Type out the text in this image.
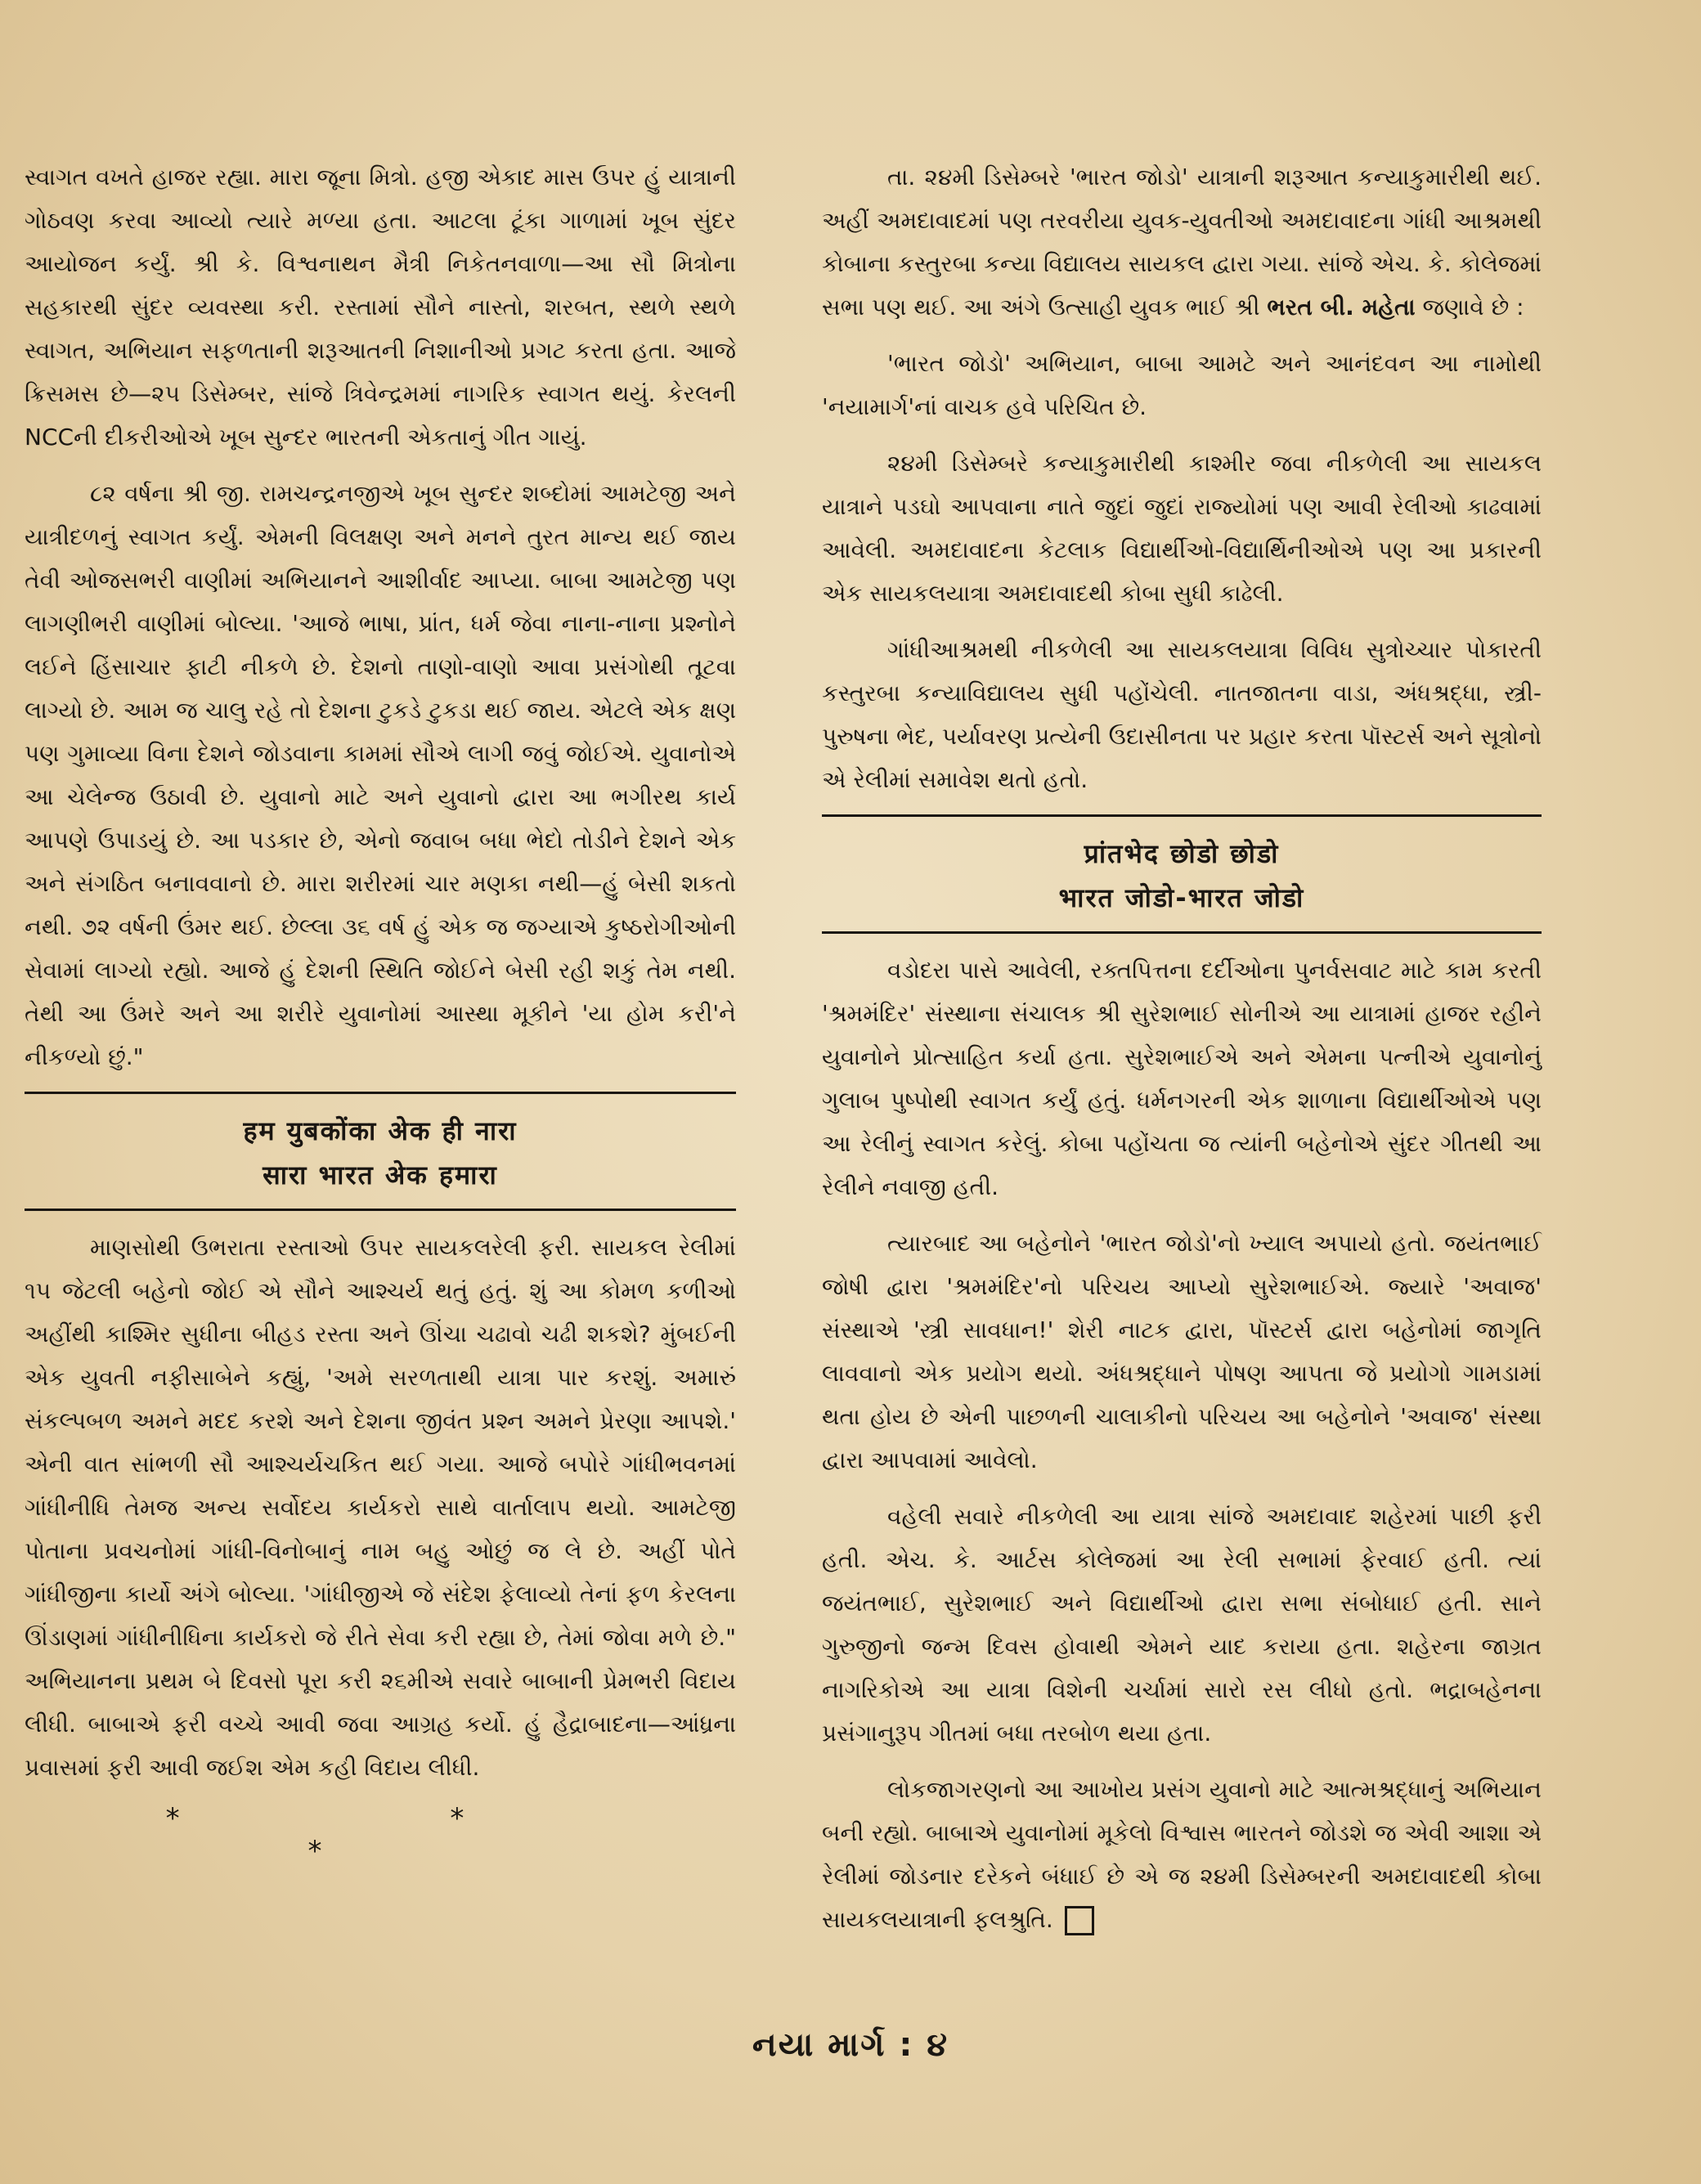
સ્વાગત વખતે હાજર રહ્યા. મારા જૂના મિત્રો. હજી એકાદ માસ ઉપર હું યાત્રાની ગોઠવણ કરવા આવ્યો ત્યારે મળ્યા હતા. આટલા ટૂંકા ગાળામાં ખૂબ સુંદર આયોજન કર્યું. શ્રી કે. વિશ્વનાથન મૈત્રી નિકેતનવાળા—આ સૌ મિત્રોના સહકારથી સુંદર વ્યવસ્થા કરી. રસ્તામાં સૌને નાસ્તો, શરબત, સ્થળે સ્થળે સ્વાગત, અભિયાન સફળતાની શરૂઆતની નિશાનીઓ પ્રગટ કરતા હતા. આજે ક્રિસમસ છે—૨૫ ડિસેમ્બર, સાંજે ત્રિવેન્દ્રમમાં નાગરિક સ્વાગત થયું. કેરલની NCCની દીકરીઓએ ખૂબ સુન્દર ભારતની એકતાનું ગીત ગાયું.

૮૨ વર્ષના શ્રી જી. રામચન્દ્રનજીએ ખૂબ સુન્દર શબ્દોમાં આમટેજી અને યાત્રીદળનું સ્વાગત કર્યું. એમની વિલક્ષણ અને મનને તુરત માન્ય થઈ જાય તેવી ઓજસભરી વાણીમાં અભિયાનને આશીર્વાદ આપ્યા. બાબા આમટેજી પણ લાગણીભરી વાણીમાં બોલ્યા. 'આજે ભાષા, પ્રાંત, ધર્મ જેવા નાના-નાના પ્રશ્નોને લઈને હિંસાચાર ફાટી નીકળે છે. દેશનો તાણો-વાણો આવા પ્રસંગોથી તૂટવા લાગ્યો છે. આમ જ ચાલુ રહે તો દેશના ટુકડે ટુકડા થઈ જાય. એટલે એક ક્ષણ પણ ગુમાવ્યા વિના દેશને જોડવાના કામમાં સૌએ લાગી જવું જોઈએ. યુવાનોએ આ ચેલેન્જ ઉઠાવી છે. યુવાનો માટે અને યુવાનો દ્વારા આ ભગીરથ કાર્ય આપણે ઉપાડયું છે. આ પડકાર છે, એનો જવાબ બધા ભેદો તોડીને દેશને એક અને સંગઠિત બનાવવાનો છે. મારા શરીરમાં ચાર મણકા નથી—હું બેસી શકતો નથી. ૭૨ વર્ષની ઉંમર થઈ. છેલ્લા ૩૬ વર્ષ હું એક જ જગ્યાએ કુષ્ઠરોગીઓની સેવામાં લાગ્યો રહ્યો. આજે હું દેશની સ્થિતિ જોઈને બેસી રહી શકું તેમ નથી. તેથી આ ઉંમરે અને આ શરીરે યુવાનોમાં આસ્થા મૂકીને 'યા હોમ કરી'ને નીકળ્યો છું."

हम युबकोंका अेक ही नारा
सारा भारत अेक हमारा

માણસોથી ઉભરાતા રસ્તાઓ ઉપર સાયકલરેલી ફરી. સાયકલ રેલીમાં ૧૫ જેટલી બહેનો જોઈ એ સૌને આશ્ચર્ય થતું હતું. શું આ કોમળ કળીઓ અહીંથી કાશ્મિર સુધીના બીહડ રસ્તા અને ઊંચા ચઢાવો ચઢી શકશે? મુંબઈની એક યુવતી નફીસાબેને કહ્યું, 'અમે સરળતાથી યાત્રા પાર કરશું. અમારું સંકલ્પબળ અમને મદદ કરશે અને દેશના જીવંત પ્રશ્ન અમને પ્રેરણા આપશે.' એની વાત સાંભળી સૌ આશ્ચર્યચકિત થઈ ગયા. આજે બપોરે ગાંધીભવનમાં ગાંધીનીધિ તેમજ અન્ય સર્વોદય કાર્યકરો સાથે વાર્તાલાપ થયો. આમટેજી પોતાના પ્રવચનોમાં ગાંધી-વિનોબાનું નામ બહુ ઓછું જ લે છે. અહીં પોતે ગાંધીજીના કાર્યો અંગે બોલ્યા. 'ગાંધીજીએ જે સંદેશ ફેલાવ્યો તેનાં ફળ કેરલના ઊંડાણમાં ગાંધીનીધિના કાર્યકરો જે રીતે સેવા કરી રહ્યા છે, તેમાં જોવા મળે છે." અભિયાનના પ્રથમ બે દિવસો પૂરા કરી ૨૬મીએ સવારે બાબાની પ્રેમભરી વિદાય લીધી. બાબાએ ફરી વચ્ચે આવી જવા આગ્રહ કર્યો. હું હૈદ્રાબાદના—આંધ્રના પ્રવાસમાં ફરી આવી જઈશ એમ કહી વિદાય લીધી.

* * *

તા. ૨૪મી ડિસેમ્બરે 'ભારત જોડો' યાત્રાની શરૂઆત કન્યાકુમારીથી થઈ. અહીં અમદાવાદમાં પણ તરવરીયા યુવક-યુવતીઓ અમદાવાદના ગાંધી આશ્રમથી કોબાના કસ્તુરબા કન્યા વિદ્યાલય સાયકલ દ્વારા ગયા. સાંજે એચ. કે. કોલેજમાં સભા પણ થઈ. આ અંગે ઉત્સાહી યુવક ભાઈ શ્રી ભરત બી. મહેતા જણાવે છે :

'ભારત જોડો' અભિયાન, બાબા આમટે અને આનંદવન આ નામોથી 'નયામાર્ગ'નાં વાચક હવે પરિચિત છે.

૨૪મી ડિસેમ્બરે કન્યાકુમારીથી કાશ્મીર જવા નીકળેલી આ સાયકલ યાત્રાને પડઘો આપવાના નાતે જુદાં જુદાં રાજ્યોમાં પણ આવી રેલીઓ કાઢવામાં આવેલી. અમદાવાદના કેટલાક વિદ્યાર્થીઓ-વિદ્યાર્થિનીઓએ પણ આ પ્રકારની એક સાયકલયાત્રા અમદાવાદથી કોબા સુધી કાઢેલી.

ગાંધીઆશ્રમથી નીકળેલી આ સાયકલયાત્રા વિવિધ સુત્રોચ્ચાર પોકારતી કસ્તુરબા કન્યાવિદ્યાલય સુધી પહોંચેલી. નાતજાતના વાડા, અંધશ્રદ્ધા, સ્ત્રી-પુરુષના ભેદ, પર્યાવરણ પ્રત્યેની ઉદાસીનતા પર પ્રહાર કરતા પૉસ્ટર્સ અને સૂત્રોનો એ રેલીમાં સમાવેશ થતો હતો.

प्रांतभेद छोडो छोडो
भारत जोडो-भारत जोडो

વડોદરા પાસે આવેલી, રક્તપિત્તના દર્દીઓના પુનર્વસવાટ માટે કામ કરતી 'શ્રમમંદિર' સંસ્થાના સંચાલક શ્રી સુરેશભાઈ સોનીએ આ યાત્રામાં હાજર રહીને યુવાનોને પ્રોત્સાહિત કર્યા હતા. સુરેશભાઈએ અને એમના પત્નીએ યુવાનોનું ગુલાબ પુષ્પોથી સ્વાગત કર્યું હતું. ધર્મનગરની એક શાળાના વિદ્યાર્થીઓએ પણ આ રેલીનું સ્વાગત કરેલું. કોબા પહોંચતા જ ત્યાંની બહેનોએ સુંદર ગીતથી આ રેલીને નવાજી હતી.

ત્યારબાદ આ બહેનોને 'ભારત જોડો'નો ખ્યાલ અપાયો હતો. જયંતભાઈ જોષી દ્વારા 'શ્રમમંદિર'નો પરિચય આપ્યો સુરેશભાઈએ. જ્યારે 'અવાજ' સંસ્થાએ 'સ્ત્રી સાવધાન!' શેરી નાટક દ્વારા, પૉસ્ટર્સ દ્વારા બહેનોમાં જાગૃતિ લાવવાનો એક પ્રયોગ થયો. અંધશ્રદ્ધાને પોષણ આપતા જે પ્રયોગો ગામડામાં થતા હોય છે એની પાછળની ચાલાકીનો પરિચય આ બહેનોને 'અવાજ' સંસ્થા દ્વારા આપવામાં આવેલો.

વહેલી સવારે નીકળેલી આ યાત્રા સાંજે અમદાવાદ શહેરમાં પાછી ફરી હતી. એચ. કે. આર્ટસ કોલેજમાં આ રેલી સભામાં ફેરવાઈ હતી. ત્યાં જયંતભાઈ, સુરેશભાઈ અને વિદ્યાર્થીઓ દ્વારા સભા સંબોધાઈ હતી. સાને ગુરુજીનો જન્મ દિવસ હોવાથી એમને યાદ કરાયા હતા. શહેરના જાગ્રત નાગરિકોએ આ યાત્રા વિશેની ચર્ચામાં સારો રસ લીધો હતો. ભદ્રાબહેનના પ્રસંગાનુરૂપ ગીતમાં બધા તરબોળ થયા હતા.

લોકજાગરણનો આ આખોય પ્રસંગ યુવાનો માટે આત્મશ્રદ્ધાનું અભિયાન બની રહ્યો. બાબાએ યુવાનોમાં મૂકેલો વિશ્વાસ ભારતને જોડશે જ એવી આશા એ રેલીમાં જોડનાર દરેકને બંધાઈ છે એ જ ૨૪મી ડિસેમ્બરની અમદાવાદથી કોબા સાયકલયાત્રાની ફલશ્રુતિ.

નયા માર્ગ : ૪
